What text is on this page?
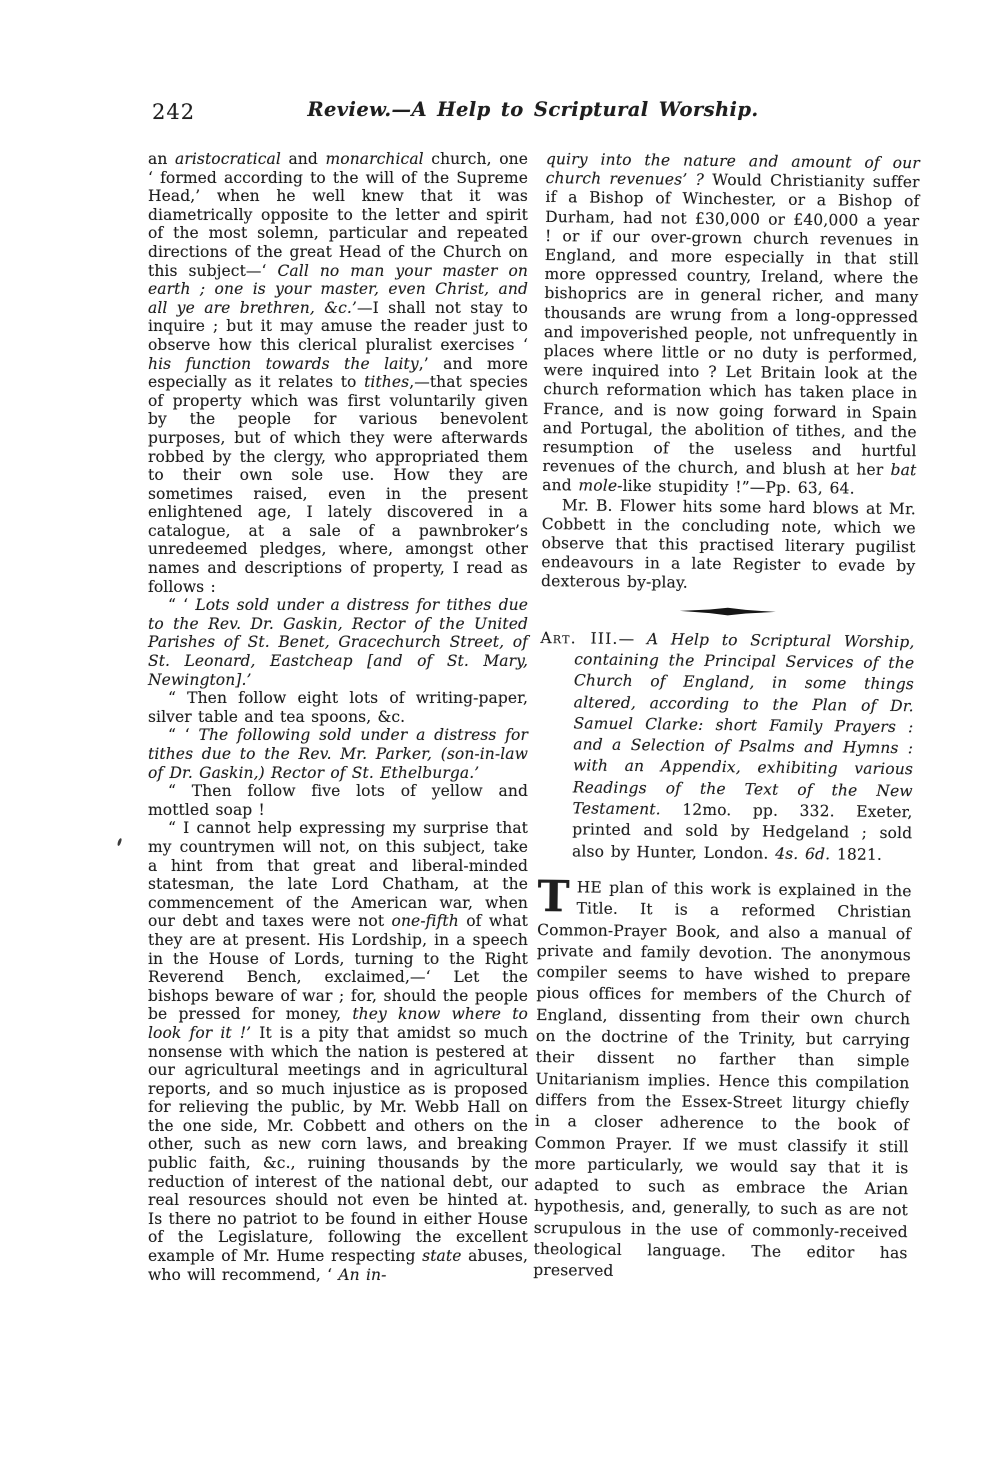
242	Review.—A Help to Scriptural Worship.

an aristocratical and monarchical church, one ‘ formed according to the will of the Supreme Head,’ when he well knew that it was diametrically opposite to the letter and spirit of the most solemn, particular and repeated directions of the great Head of the Church on this subject—‘ Call no man your master on earth ; one is your master, even Christ, and all ye are brethren, &c.’—I shall not stay to inquire ; but it may amuse the reader just to observe how this clerical pluralist exercises ‘ his function towards the laity,’ and more especially as it relates to tithes,—that species of property which was first voluntarily given by the people for various benevolent purposes, but of which they were afterwards robbed by the clergy, who appropriated them to their own sole use. How they are sometimes raised, even in the present enlightened age, I lately discovered in a catalogue, at a sale of a pawnbroker’s unredeemed pledges, where, amongst other names and descriptions of property, I read as follows :

“ ‘ Lots sold under a distress for tithes due to the Rev. Dr. Gaskin, Rector of the United Parishes of St. Benet, Gracechurch Street, of St. Leonard, Eastcheap [and of St. Mary, Newington].’

“ Then follow eight lots of writing-paper, silver table and tea spoons, &c.

“ ‘ The following sold under a distress for tithes due to the Rev. Mr. Parker, (son-in-law of Dr. Gaskin,) Rector of St. Ethelburga.’

“ Then follow five lots of yellow and mottled soap !

“ I cannot help expressing my surprise that my countrymen will not, on this subject, take a hint from that great and liberal-minded statesman, the late Lord Chatham, at the commencement of the American war, when our debt and taxes were not one-fifth of what they are at present. His Lordship, in a speech in the House of Lords, turning to the Right Reverend Bench, exclaimed,—‘ Let the bishops beware of war ; for, should the people be pressed for money, they know where to look for it !’ It is a pity that amidst so much nonsense with which the nation is pestered at our agricultural meetings and in agricultural reports, and so much injustice as is proposed for relieving the public, by Mr. Webb Hall on the one side, Mr. Cobbett and others on the other, such as new corn laws, and breaking public faith, &c., ruining thousands by the reduction of interest of the national debt, our real resources should not even be hinted at. Is there no patriot to be found in either House of the Legislature, following the excellent example of Mr. Hume respecting state abuses, who will recommend, ‘ An in-

quiry into the nature and amount of our church revenues’ ? Would Christianity suffer if a Bishop of Winchester, or a Bishop of Durham, had not £30,000 or £40,000 a year ! or if our over-grown church revenues in England, and more especially in that still more oppressed country, Ireland, where the bishoprics are in general richer, and many thousands are wrung from a long-oppressed and impoverished people, not unfrequently in places where little or no duty is performed, were inquired into ? Let Britain look at the church reformation which has taken place in France, and is now going forward in Spain and Portugal, the abolition of tithes, and the resumption of the useless and hurtful revenues of the church, and blush at her bat and mole-like stupidity !”—Pp. 63, 64.

Mr. B. Flower hits some hard blows at Mr. Cobbett in the concluding note, which we observe that this practised literary pugilist endeavours in a late Register to evade by dexterous by-play.

Art. III.— A Help to Scriptural Worship, containing the Principal Services of the Church of England, in some things altered, according to the Plan of Dr. Samuel Clarke: short Family Prayers : and a Selection of Psalms and Hymns : with an Appendix, exhibiting various Readings of the Text of the New Testament. 12mo. pp. 332. Exeter, printed and sold by Hedgeland ; sold also by Hunter, London. 4s. 6d. 1821.

THE plan of this work is explained in the Title. It is a reformed Christian Common-Prayer Book, and also a manual of private and family devotion. The anonymous compiler seems to have wished to prepare pious offices for members of the Church of England, dissenting from their own church on the doctrine of the Trinity, but carrying their dissent no farther than simple Unitarianism implies. Hence this compilation differs from the Essex-Street liturgy chiefly in a closer adherence to the book of Common Prayer. If we must classify it still more particularly, we would say that it is adapted to such as embrace the Arian hypothesis, and, generally, to such as are not scrupulous in the use of commonly-received theological language. The editor has preserved
